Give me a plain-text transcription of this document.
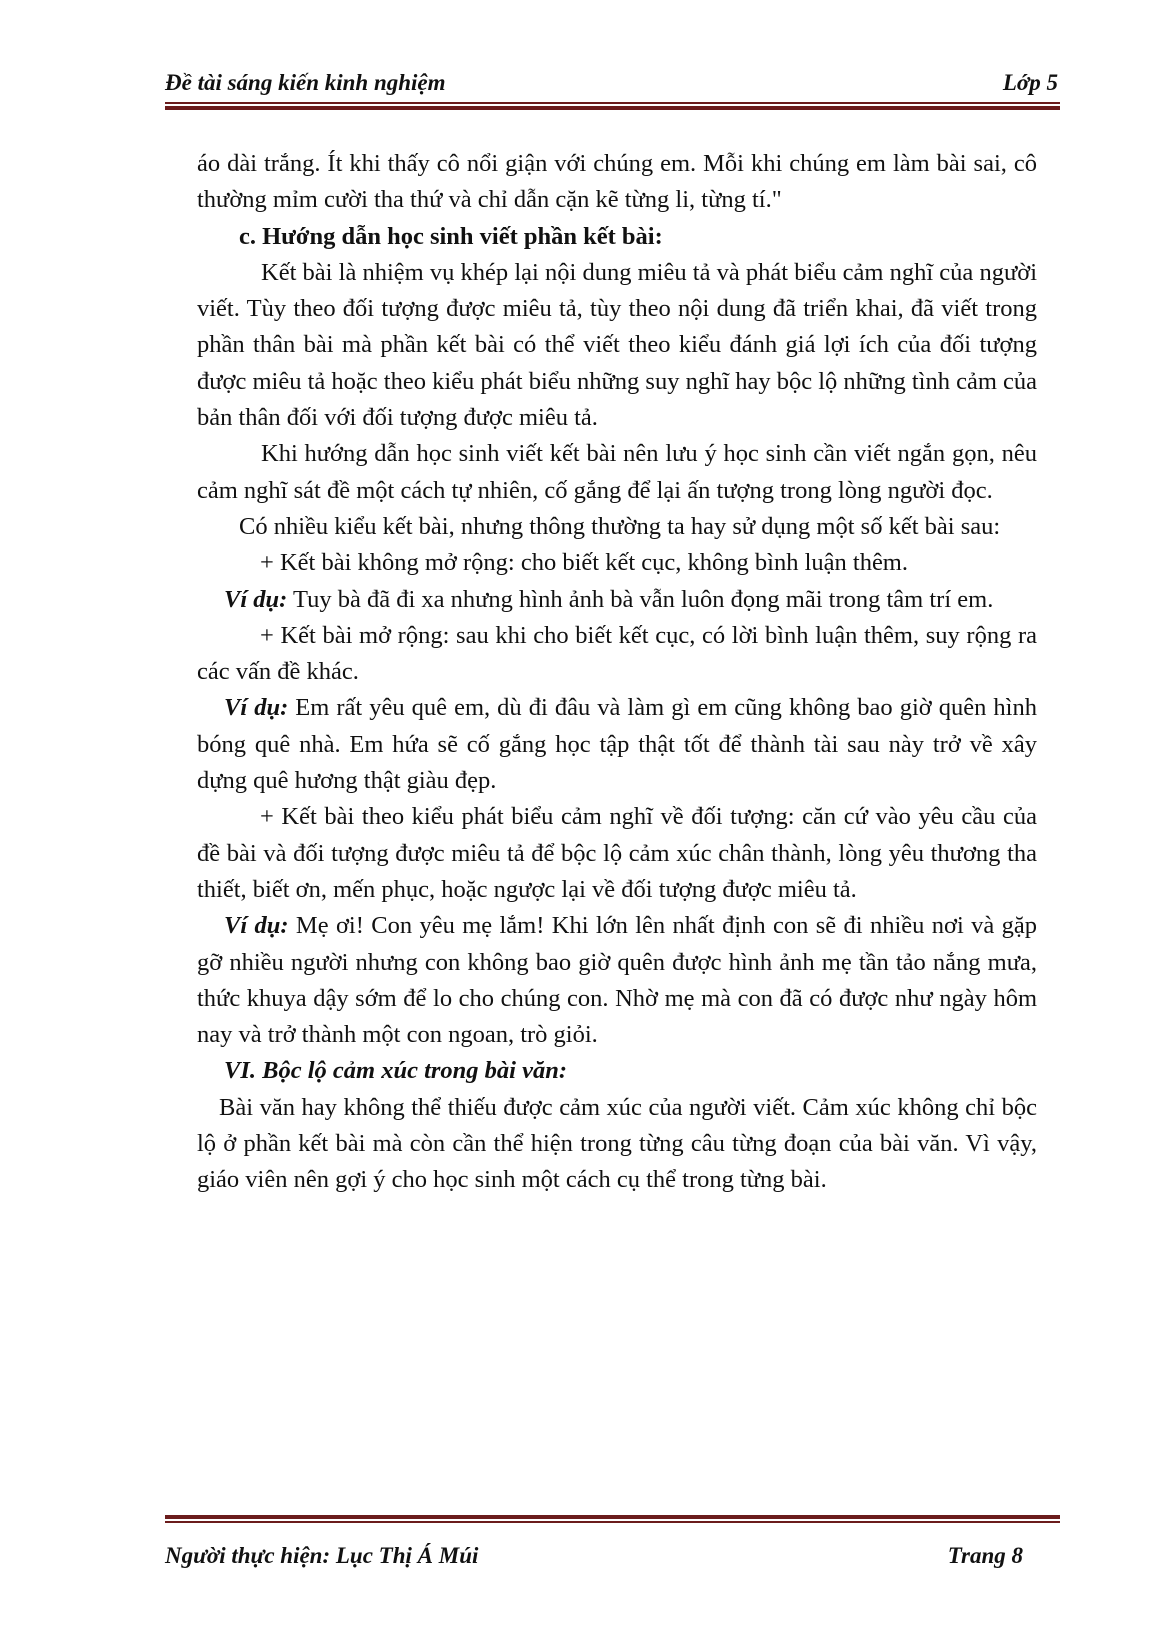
Đề tài sáng kiến kinh nghiệm	Lớp 5

áo dài trắng. Ít khi thấy cô nổi giận với chúng em. Mỗi khi chúng em làm bài sai, cô thường mỉm cười tha thứ và chỉ dẫn cặn kẽ từng li, từng tí."

c. Hướng dẫn học sinh viết phần kết bài:

Kết bài là nhiệm vụ khép lại nội dung miêu tả và phát biểu cảm nghĩ của người viết. Tùy theo đối tượng được miêu tả, tùy theo nội dung đã triển khai, đã viết trong phần thân bài mà phần kết bài có thể viết theo kiểu đánh giá lợi ích của đối tượng được miêu tả hoặc theo kiểu phát biểu những suy nghĩ hay bộc lộ những tình cảm của bản thân đối với đối tượng được miêu tả.

Khi hướng dẫn học sinh viết kết bài nên lưu ý học sinh cần viết ngắn gọn, nêu cảm nghĩ sát đề một cách tự nhiên, cố gắng để lại ấn tượng trong lòng người đọc.

Có nhiều kiểu kết bài, nhưng thông thường ta hay sử dụng một số kết bài sau:

+ Kết bài không mở rộng: cho biết kết cục, không bình luận thêm.

Ví dụ: Tuy bà đã đi xa nhưng hình ảnh bà vẫn luôn đọng mãi trong tâm trí em.

+ Kết bài mở rộng: sau khi cho biết kết cục, có lời bình luận thêm, suy rộng ra các vấn đề khác.

Ví dụ: Em rất yêu quê em, dù đi đâu và làm gì em cũng không bao giờ quên hình bóng quê nhà. Em hứa sẽ cố gắng học tập thật tốt để thành tài sau này trở về xây dựng quê hương thật giàu đẹp.

+ Kết bài theo kiểu phát biểu cảm nghĩ về đối tượng: căn cứ vào yêu cầu của đề bài và đối tượng được miêu tả để bộc lộ cảm xúc chân thành, lòng yêu thương tha thiết, biết ơn, mến phục, hoặc ngược lại về đối tượng được miêu tả.

Ví dụ: Mẹ ơi! Con yêu mẹ lắm! Khi lớn lên nhất định con sẽ đi nhiều nơi và gặp gỡ nhiều người nhưng con không bao giờ quên được hình ảnh mẹ tần tảo nắng mưa, thức khuya dậy sớm để lo cho chúng con. Nhờ mẹ mà con đã có được như ngày hôm nay và trở thành một con ngoan, trò giỏi.

VI. Bộc lộ cảm xúc trong bài văn:

Bài văn hay không thể thiếu được cảm xúc của người viết. Cảm xúc không chỉ bộc lộ ở phần kết bài mà còn cần thể hiện trong từng câu từng đoạn của bài văn. Vì vậy, giáo viên nên gợi ý cho học sinh một cách cụ thể trong từng bài.

Người thực hiện: Lục Thị Á Múi	Trang 8
